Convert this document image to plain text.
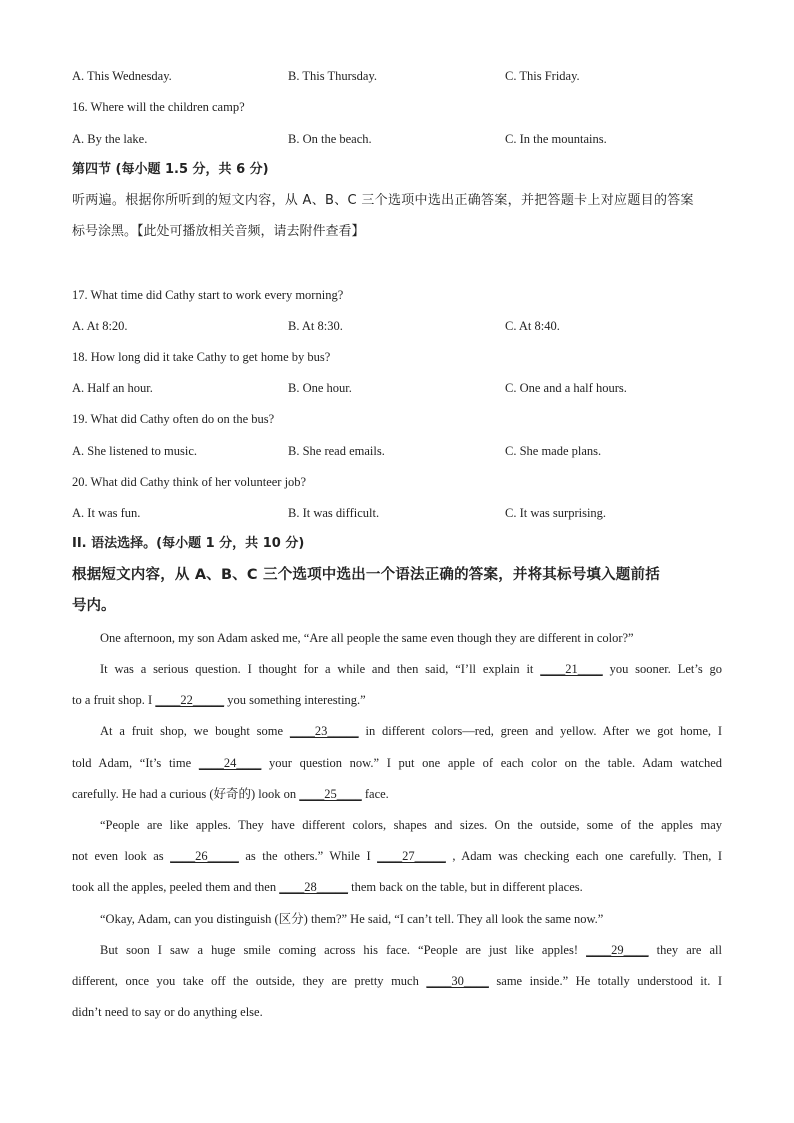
A. This Wednesday.	B. This Thursday.	C. This Friday.
16. Where will the children camp?
A. By the lake.	B. On the beach.	C. In the mountains.
第四节 (每小题 1.5 分，共 6 分)
听两遍。根据你所听到的短文内容，从 A、B、C 三个选项中选出正确答案，并把答题卡上对应题目的答案
标号涂黑。【此处可播放相关音频，请去附件查看】
17. What time did Cathy start to work every morning?
A. At 8:20.	B. At 8:30.	C. At 8:40.
18. How long did it take Cathy to get home by bus?
A. Half an hour.	B. One hour.	C. One and a half hours.
19. What did Cathy often do on the bus?
A. She listened to music.	B. She read emails.	C. She made plans.
20. What did Cathy think of her volunteer job?
A. It was fun.	B. It was difficult.	C. It was surprising.
II. 语法选择。(每小题 1 分，共 10 分)
根据短文内容，从 A、B、C 三个选项中选出一个语法正确的答案，并将其标号填入题前括
号内。
One afternoon, my son Adam asked me, “Are all people the same even though they are different in color?”
It was a serious question. I thought for a while and then said, “I’ll explain it ____21____ you sooner. Let’s go
to a fruit shop. I ____22_____ you something interesting.”
At a fruit shop, we bought some ____23_____ in different colors—red, green and yellow. After we got home, I
told Adam, “It’s time ____24____ your question now.” I put one apple of each color on the table. Adam watched
carefully. He had a curious (好奇的) look on ____25____ face.
“People are like apples. They have different colors, shapes and sizes. On the outside, some of the apples may
not even look as ____26_____ as the others.” While I ____27_____ , Adam was checking each one carefully. Then, I
took all the apples, peeled them and then ____28_____ them back on the table, but in different places.
“Okay, Adam, can you distinguish (区分) them?” He said, “I can’t tell. They all look the same now.”
But soon I saw a huge smile coming across his face. “People are just like apples! ____29____ they are all
different, once you take off the outside, they are pretty much ____30____ same inside.” He totally understood it. I
didn’t need to say or do anything else.
